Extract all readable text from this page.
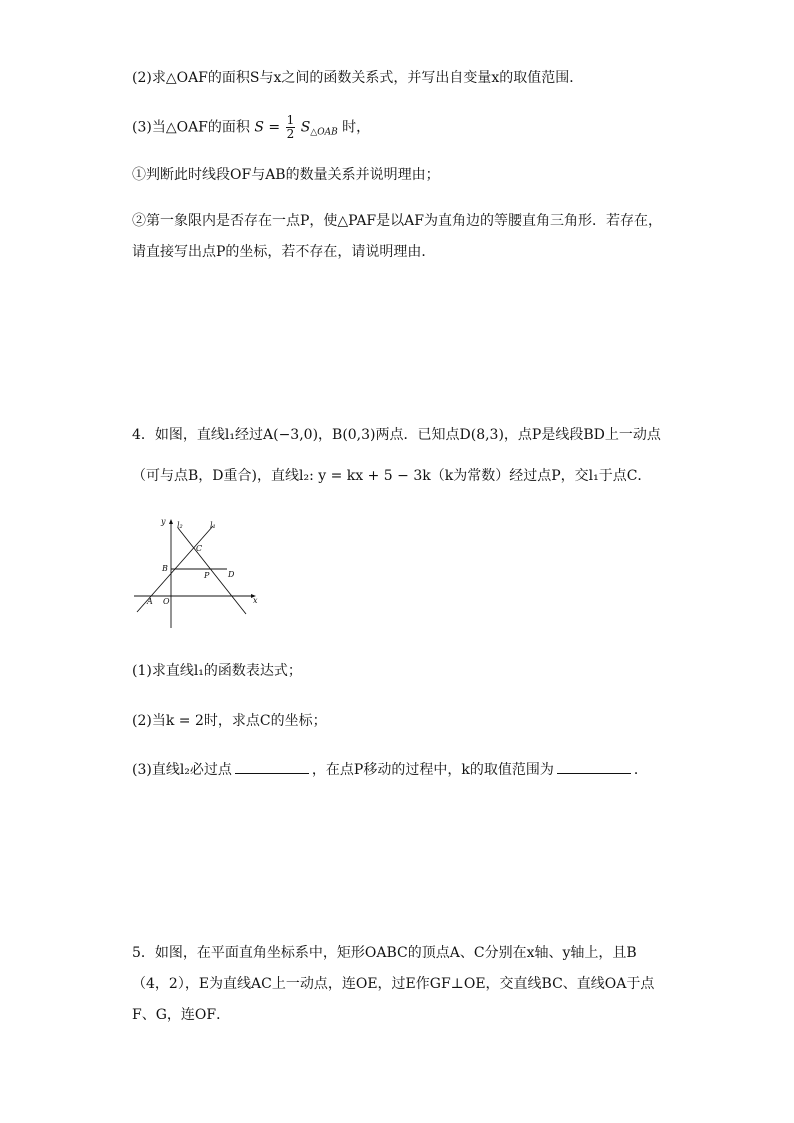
(2)求△OAF的面积S与x之间的函数关系式，并写出自变量x的取值范围．
(3)当△OAF的面积 $S = \frac{1}{2} S_{\triangle OAB}$ 时，
①判断此时线段OF与AB的数量关系并说明理由；
②第一象限内是否存在一点P，使△PAF是以AF为直角边的等腰直角三角形．若存在，
请直接写出点P的坐标，若不存在，请说明理由．
4．如图，直线l₁经过A(−3,0)，B(0,3)两点．已知点D(8,3)，点P是线段BD上一动点
（可与点B，D重合)，直线l₂: y = kx + 5 − 3k（k为常数）经过点P，交l₁于点C．
y l₂	l₁
C
B
P D
A O	x
(1)求直线l₁的函数表达式；
(2)当k = 2时，求点C的坐标；
(3)直线l₂必过点	，在点P移动的过程中，k的取值范围为	．
5．如图，在平面直角坐标系中，矩形OABC的顶点A、C分别在x轴、y轴上，且B
（4，2），E为直线AC上一动点，连OE，过E作GF⊥OE，交直线BC、直线OA于点
F、G，连OF．
